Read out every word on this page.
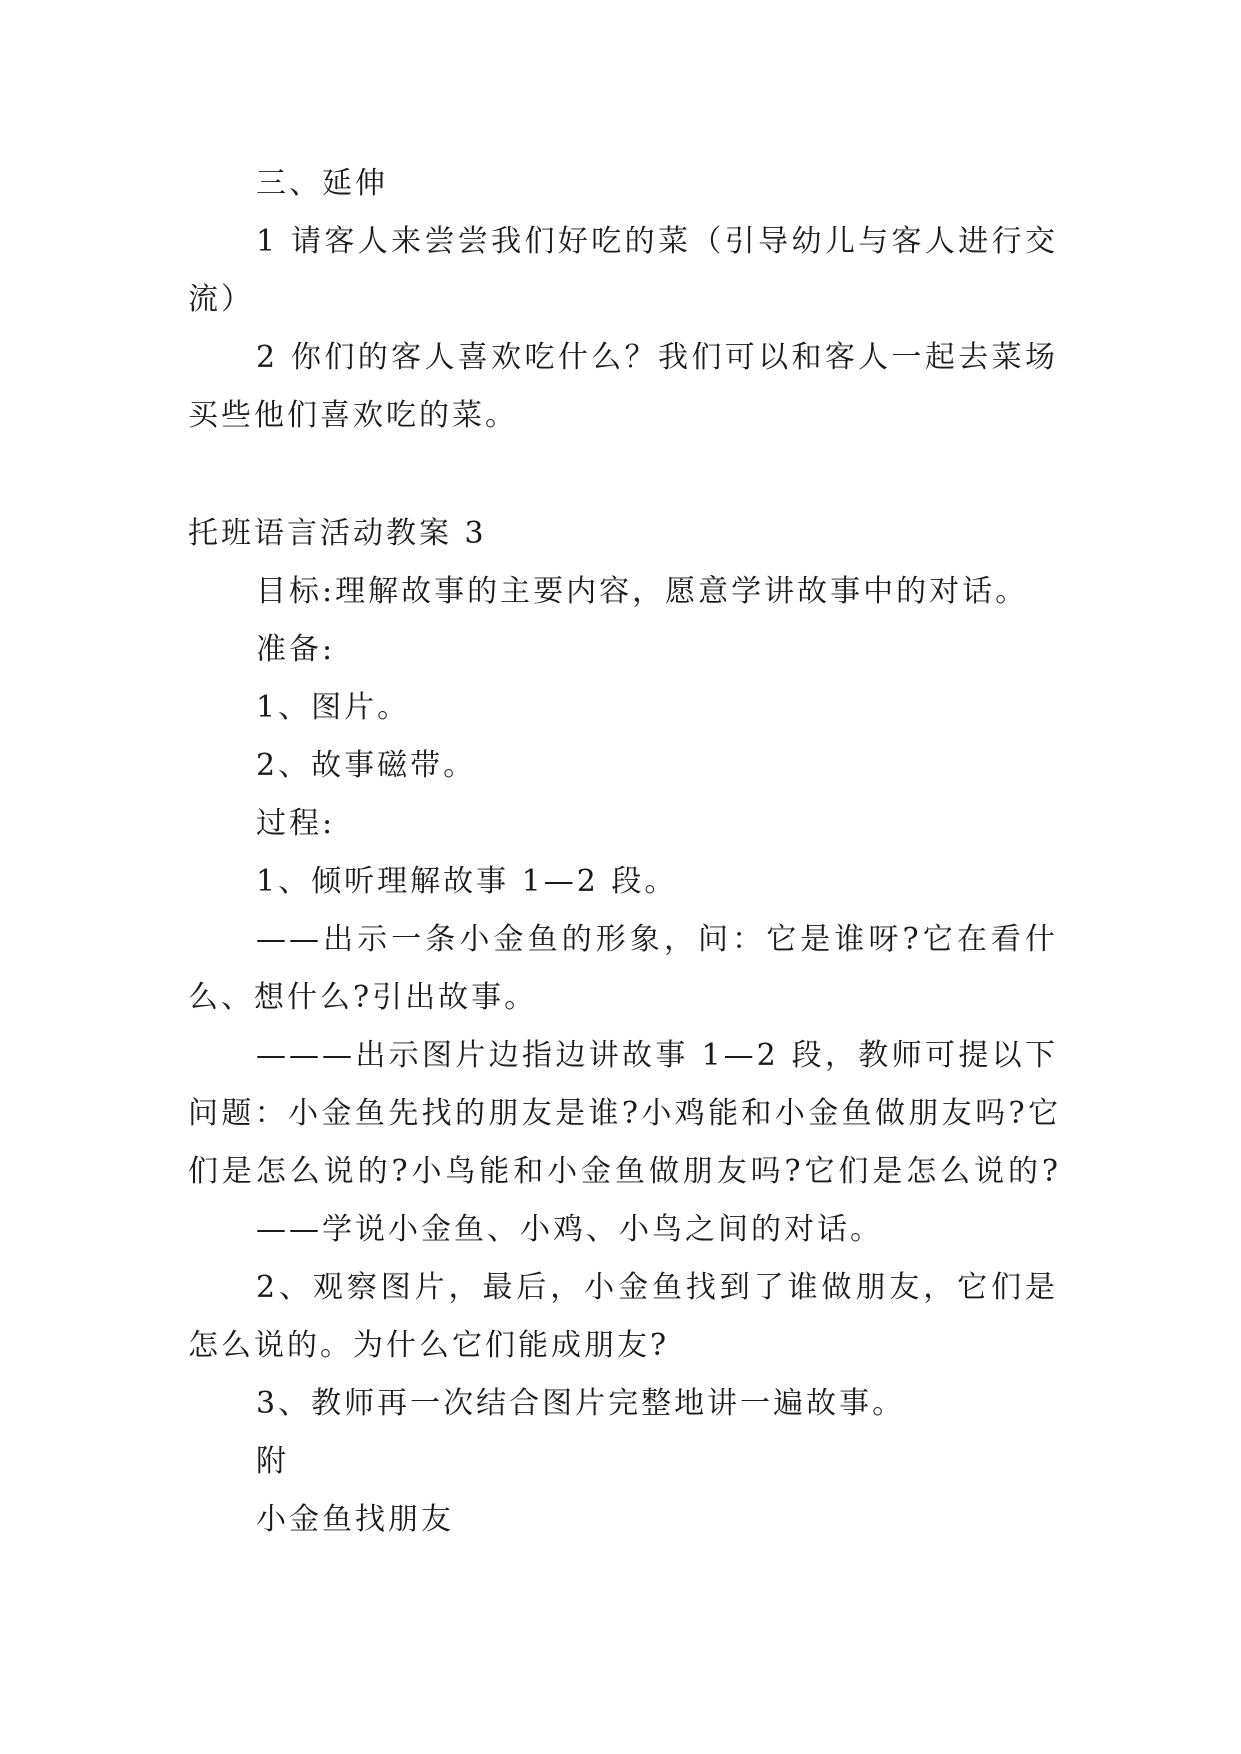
三、延伸
1 请客人来尝尝我们好吃的菜（引导幼儿与客人进行交
流）
2 你们的客人喜欢吃什么？我们可以和客人一起去菜场
买些他们喜欢吃的菜。
托班语言活动教案 3
目标:理解故事的主要内容，愿意学讲故事中的对话。
准备:
1、图片。
2、故事磁带。
过程:
1、倾听理解故事 1—2 段。
——出示一条小金鱼的形象，问：它是谁呀?它在看什
么、想什么?引出故事。
———出示图片边指边讲故事 1—2 段，教师可提以下
问题：小金鱼先找的朋友是谁?小鸡能和小金鱼做朋友吗?它
们是怎么说的?小鸟能和小金鱼做朋友吗?它们是怎么说的?
——学说小金鱼、小鸡、小鸟之间的对话。
2、观察图片，最后，小金鱼找到了谁做朋友，它们是
怎么说的。为什么它们能成朋友?
3、教师再一次结合图片完整地讲一遍故事。
附
小金鱼找朋友
